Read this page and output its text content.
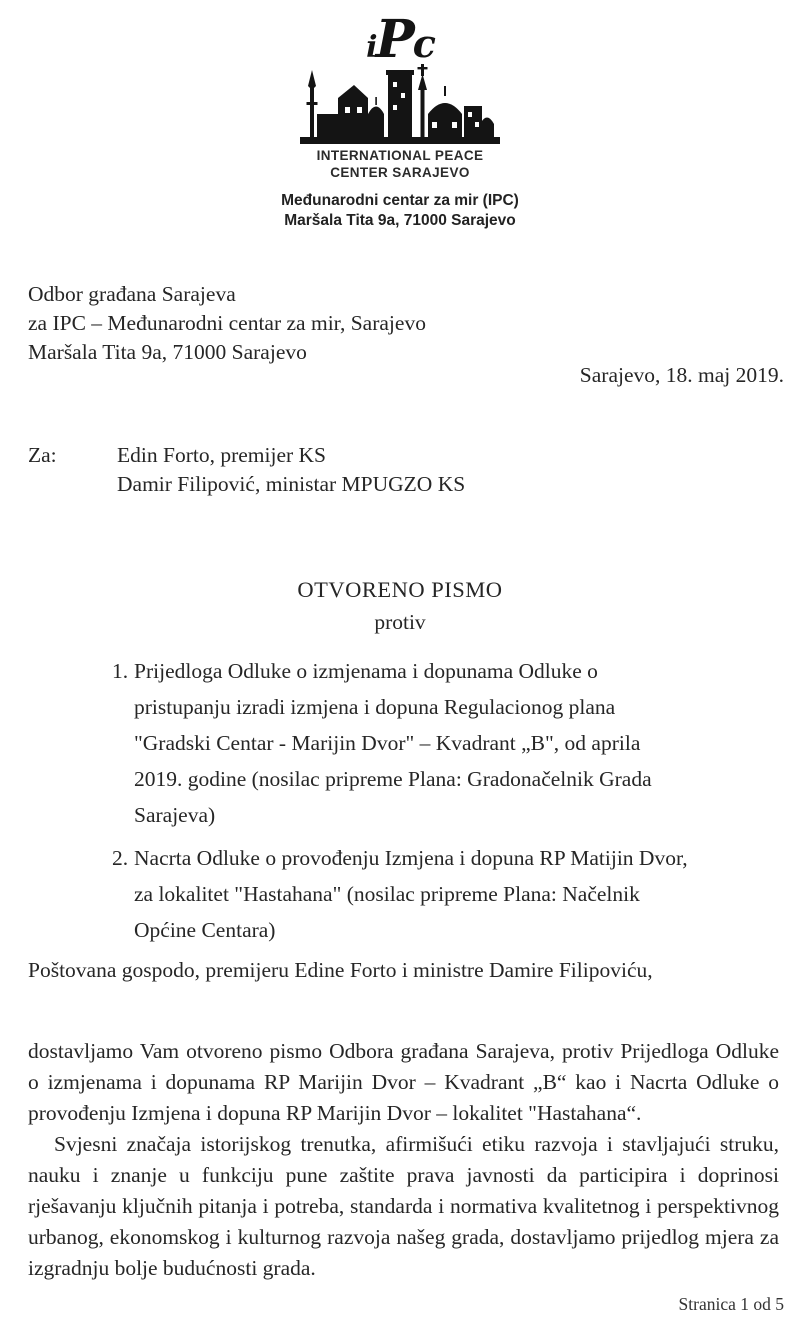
iPc
INTERNATIONAL PEACE
CENTER SARAJEVO
Međunarodni centar za mir (IPC)
Maršala Tita 9a, 71000 Sarajevo
Odbor građana Sarajeva
za IPC – Međunarodni centar za mir, Sarajevo
Maršala Tita 9a, 71000 Sarajevo
Sarajevo, 18. maj 2019.
Za:	Edin Forto, premijer KS
Damir Filipović, ministar MPUGZO KS
OTVORENO PISMO
protiv
1. Prijedloga Odluke o izmjenama i dopunama Odluke o pristupanju izradi izmjena i dopuna Regulacionog plana "Gradski Centar - Marijin Dvor" – Kvadrant „B", od aprila 2019. godine (nosilac pripreme Plana: Gradonačelnik Grada Sarajeva)
2. Nacrta Odluke o provođenju Izmjena i dopuna RP Matijin Dvor, za lokalitet "Hastahana" (nosilac pripreme Plana: Načelnik Općine Centara)
Poštovana gospodo, premijeru Edine Forto i ministre Damire Filipoviću,

dostavljamo Vam otvoreno pismo Odbora građana Sarajeva, protiv Prijedloga Odluke o izmjenama i dopunama RP Marijin Dvor – Kvadrant „B“ kao i Nacrta Odluke o provođenju Izmjena i dopuna RP Marijin Dvor – lokalitet "Hastahana“.

Svjesni značaja istorijskog trenutka, afirmišući etiku razvoja i stavljajući struku, nauku i znanje u funkciju pune zaštite prava javnosti da participira i doprinosi rješavanju ključnih pitanja i potreba, standarda i normativa kvalitetnog i perspektivnog urbanog, ekonomskog i kulturnog razvoja našeg grada, dostavljamo prijedlog mjera za izgradnju bolje budućnosti grada.

Stranica 1 od 5
